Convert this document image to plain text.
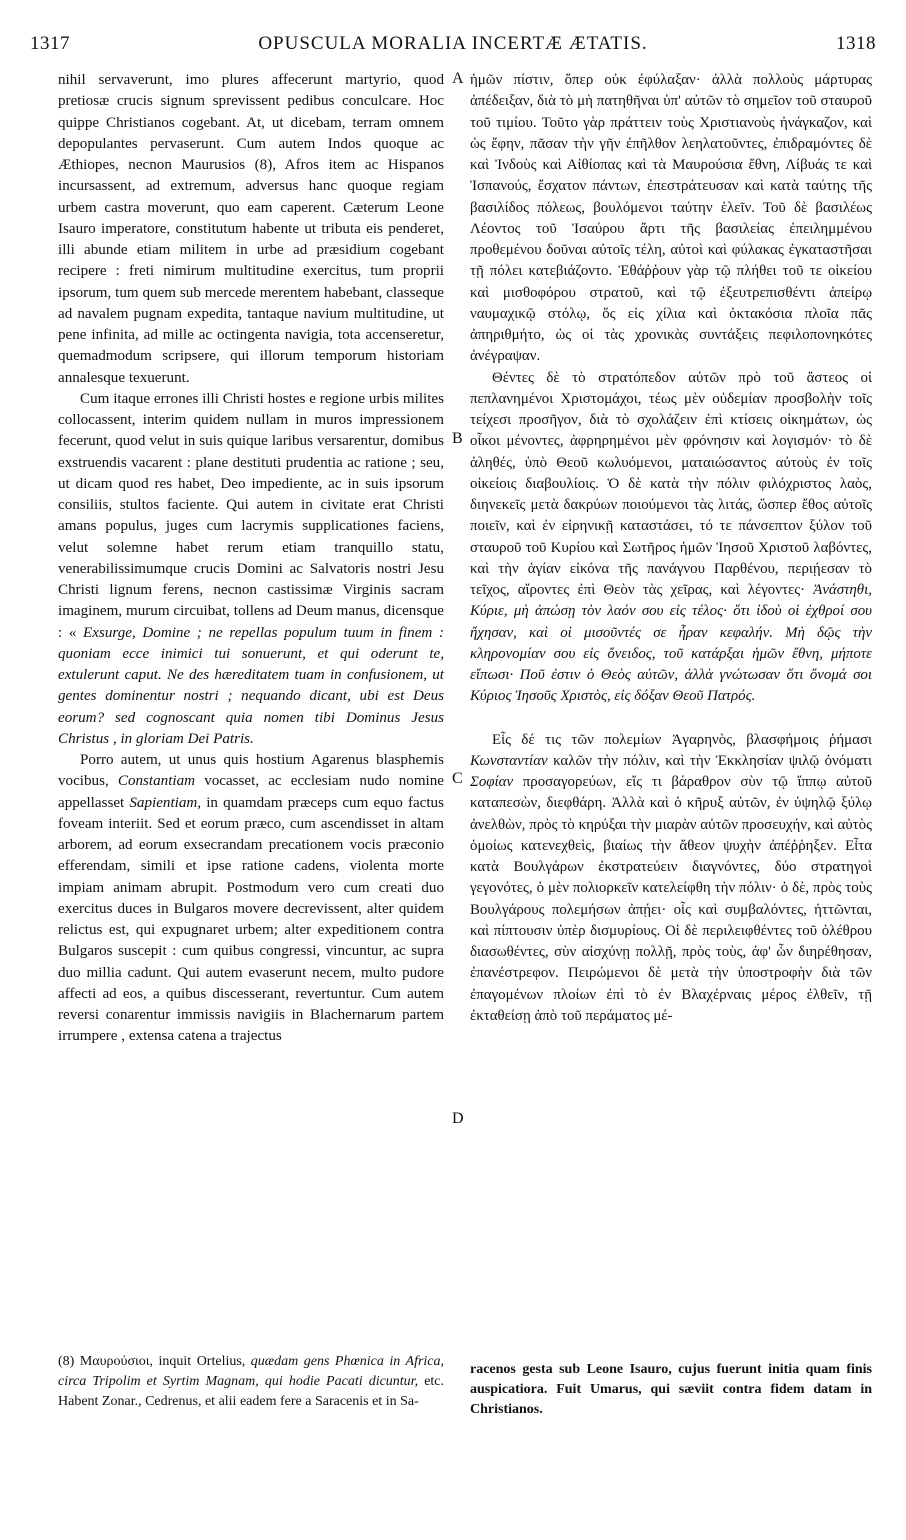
1317	OPUSCULA MORALIA INCERTÆ ÆTATIS.	1318

nihil servaverunt, imo plures affecerunt martyrio, quod pretiosæ crucis signum sprevissent pedibus conculcare. Hoc quippe Christianos cogebant. At, ut dicebam, terram omnem depopulantes pervaserunt. Cum autem Indos quoque ac Æthiopes, necnon Maurusios (8), Afros item ac Hispanos incursassent, ad extremum, adversus hanc quoque regiam urbem castra moverunt, quo eam caperent. Cæterum Leone Isauro imperatore, constitutum habente ut tributa eis penderet, illi abunde etiam militem in urbe ad præsidium cogebant recipere : freti nimirum multitudine exercitus, tum proprii ipsorum, tum quem sub mercede merentem habebant, classeque ad navalem pugnam expedita, tantaque navium multitudine, ut pene infinita, ad mille ac octingenta navigia, tota accenseretur, quemadmodum scripsere, qui illorum temporum historiam annalesque texuerunt.

Cum itaque errones illi Christi hostes e regione urbis milites collocassent, interim quidem nullam in muros impressionem fecerunt, quod velut in suis quique laribus versarentur, domibus exstruendis vacarent : plane destituti prudentia ac ratione ; seu, ut dicam quod res habet, Deo impediente, ac in suis ipsorum consiliis, stultos faciente. Qui autem in civitate erat Christi amans populus, juges cum lacrymis supplicationes faciens, velut solemne habet rerum etiam tranquillo statu, venerabilissimumque crucis Domini ac Salvatoris nostri Jesu Christi lignum ferens, necnon castissimæ Virginis sacram imaginem, murum circuibat, tollens ad Deum manus, dicensque : « Exsurge, Domine ; ne repellas populum tuum in finem : quoniam ecce inimici tui sonuerunt, et qui oderunt te, extulerunt caput. Ne des hæreditatem tuam in confusionem, ut gentes dominentur nostri ; nequando dicant, ubi est Deus eorum? sed cognoscant quia nomen tibi Dominus Jesus Christus , in gloriam Dei Patris.

Porro autem, ut unus quis hostium Agarenus blasphemis vocibus, Constantiam vocasset, ac ecclesiam nudo nomine appellasset Sapientiam, in quamdam præceps cum equo factus foveam interiit. Sed et eorum præco, cum ascendisset in altam arborem, ad eorum exsecrandam precationem vocis præconio efferendam, simili et ipse ratione cadens, violenta morte impiam animam abrupit. Postmodum vero cum creati duo exercitus duces in Bulgaros movere decrevissent, alter quidem relictus est, qui expugnaret urbem; alter expeditionem contra Bulgaros suscepit : cum quibus congressi, vincuntur, ac supra duo millia cadunt. Qui autem evaserunt necem, multo pudore affecti ad eos, a quibus discesserant, revertuntur. Cum autem reversi conarentur immissis navigiis in Blachernarum partem irrumpere , extensa catena a trajectus

A
B
C
D

ἡμῶν πίστιν, ὅπερ οὐκ ἐφύλαξαν· ἀλλὰ πολλοὺς μάρτυρας ἀπέδειξαν, διὰ τὸ μὴ πατηθῆναι ὑπ' αὐτῶν τὸ σημεῖον τοῦ σταυροῦ τοῦ τιμίου. Τοῦτο γὰρ πράττειν τοὺς Χριστιανοὺς ἠνάγκαζον, καὶ ὡς ἔφην, πᾶσαν τὴν γῆν ἐπῆλθον λεηλατοῦντες, ἐπιδραμόντες δὲ καὶ Ἰνδοὺς καὶ Αἰθίοπας καὶ τὰ Μαυρούσια ἔθνη, Λίβυάς τε καὶ Ἰσπανούς, ἔσχατον πάντων, ἐπεστράτευσαν καὶ κατὰ ταύτης τῆς βασιλίδος πόλεως, βουλόμενοι ταύτην ἑλεῖν. Τοῦ δὲ βασιλέως Λέοντος τοῦ Ἰσαύρου ἄρτι τῆς βασιλείας ἐπειλημμένου προθεμένου δοῦναι αὐτοῖς τέλη, αὐτοὶ καὶ φύλακας ἐγκαταστῆσαι τῇ πόλει κατεβιάζοντο. Ἐθάῤῥουν γὰρ τῷ πλήθει τοῦ τε οἰκείου καὶ μισθοφόρου στρατοῦ, καὶ τῷ ἐξευτρεπισθέντι ἀπείρῳ ναυμαχικῷ στόλῳ, ὅς εἰς χίλια καὶ ὀκτακόσια πλοῖα πᾶς ἀπηριθμήτο, ὡς οἱ τὰς χρονικὰς συντάξεις πεφιλοπονηκότες ἀνέγραψαν.

Θέντες δὲ τὸ στρατόπεδον αὐτῶν πρὸ τοῦ ἄστεος οἱ πεπλανημένοι Χριστομάχοι, τέως μὲν οὐδεμίαν προσβολὴν τοῖς τείχεσι προσῆγον, διὰ τὸ σχολάζειν ἐπὶ κτίσεις οἰκημάτων, ὡς οἶκοι μένοντες, ἀφρηρημένοι μὲν φρόνησιν καὶ λογισμόν· τὸ δὲ ἀληθές, ὑπὸ Θεοῦ κωλυόμενοι, ματαιώσαντος αὐτοὺς ἐν τοῖς οἰκείοις διαβουλίοις. Ὁ δὲ κατὰ τὴν πόλιν φιλόχριστος λαὸς, διηνεκεῖς μετὰ δακρύων ποιούμενοι τὰς λιτάς, ὥσπερ ἔθος αὐτοῖς ποιεῖν, καὶ ἐν εἰρηνικῇ καταστάσει, τό τε πάνσεπτον ξύλον τοῦ σταυροῦ τοῦ Κυρίου καὶ Σωτῆρος ἡμῶν Ἰησοῦ Χριστοῦ λαβόντες, καὶ τὴν ἁγίαν εἰκόνα τῆς πανάγνου Παρθένου, περιῄεσαν τὸ τεῖχος, αἴροντες ἐπὶ Θεὸν τὰς χεῖρας, καὶ λέγοντες· Ἀνάστηθι, Κύριε, μὴ ἀπώσῃ τὸν λαόν σου εἰς τέλος· ὅτι ἰδοὺ οἱ ἐχθροί σου ἤχησαν, καὶ οἱ μισοῦντές σε ἦραν κεφαλήν. Μὴ δῷς τὴν κληρονομίαν σου εἰς ὄνειδος, τοῦ κατάρξαι ἡμῶν ἔθνη, μήποτε εἴπωσι· Ποῦ ἐστιν ὁ Θεὸς αὐτῶν, ἀλλὰ γνώτωσαν ὅτι ὄνομά σοι Κύριος Ἰησοῦς Χριστὸς, εἰς δόξαν Θεοῦ Πατρός.

Εἷς δέ τις τῶν πολεμίων Ἀγαρηνὸς, βλασφήμοις ῥήμασι Κωνσταντίαν καλῶν τὴν πόλιν, καὶ τὴν Ἐκκλησίαν ψιλῷ ὀνόματι Σοφίαν προσαγορεύων, εἴς τι βάραθρον σὺν τῷ ἵππῳ αὐτοῦ καταπεσὼν, διεφθάρη. Ἀλλὰ καὶ ὁ κῆρυξ αὐτῶν, ἐν ὑψηλῷ ξύλῳ ἀνελθὼν, πρὸς τὸ κηρύξαι τὴν μιαρὰν αὐτῶν προσευχήν, καὶ αὐτὸς ὁμοίως κατενεχθεὶς, βιαίως τὴν ἄθεον ψυχὴν ἀπέῤῥηξεν. Εἶτα κατὰ Βουλγάρων ἐκστρατεύειν διαγνόντες, δύο στρατηγοὶ γεγονότες, ὁ μὲν πολιορκεῖν κατελείφθη τὴν πόλιν· ὁ δὲ, πρὸς τοὺς Βουλγάρους πολεμήσων ἀπῄει· οἷς καὶ συμβαλόντες, ἡττῶνται, καὶ πίπτουσιν ὑπὲρ δισμυρίους. Οἱ δὲ περιλειφθέντες τοῦ ὀλέθρου διασωθέντες, σὺν αἰσχύνῃ πολλῇ, πρὸς τοὺς, ἀφ' ὧν διηρέθησαν, ἐπανέστρεφον. Πειρώμενοι δὲ μετὰ τὴν ὑποστροφὴν διὰ τῶν ἐπαγομένων πλοίων ἐπὶ τὸ ἐν Βλαχέρναις μέρος ἐλθεῖν, τῇ ἐκταθείσῃ ἀπὸ τοῦ περάματος μέ-

(8) Μαυρούσιοι, inquit Ortelius, quædam gens Phœnica in Africa, circa Tripolim et Syrtim Magnam, qui hodie Pacati dicuntur, etc. Habent Zonar., Cedrenus, et alii eadem fere a Saracenis et in Sa-
racenos gesta sub Leone Isauro, cujus fuerunt initia quam finis auspicatiora. Fuit Umarus, qui sæviit contra fidem datam in Christianos.
